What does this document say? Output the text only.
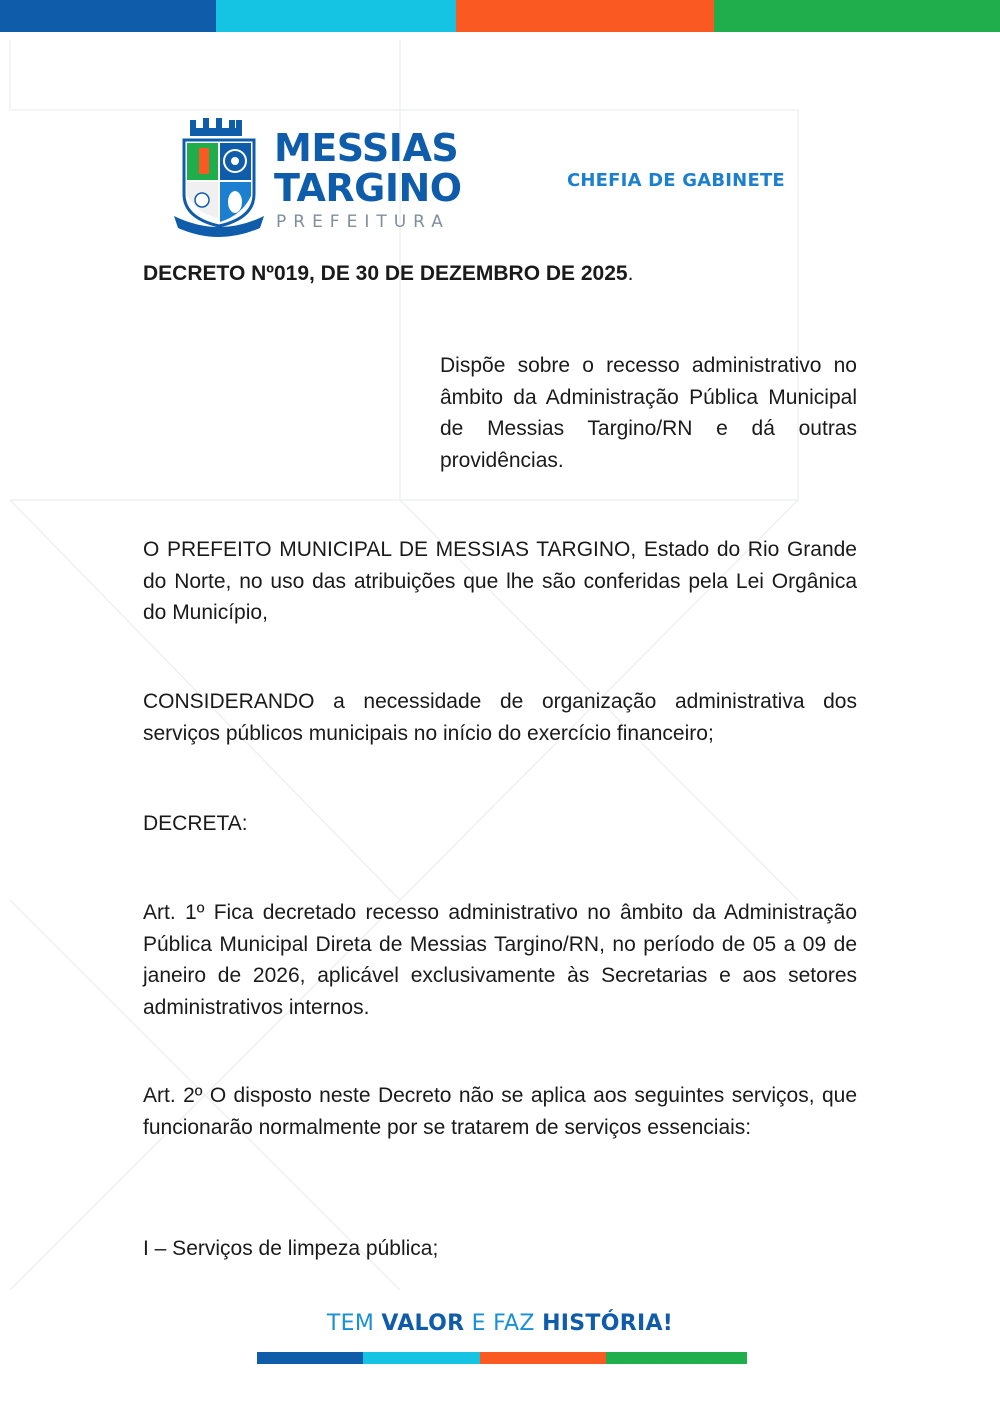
MESSIAS
TARGINO
PREFEITURA
CHEFIA DE GABINETE
DECRETO Nº019, DE 30 DE DEZEMBRO DE 2025.
Dispõe sobre o recesso administrativo no âmbito da Administração Pública Municipal de Messias Targino/RN e dá outras providências.
O PREFEITO MUNICIPAL DE MESSIAS TARGINO, Estado do Rio Grande do Norte, no uso das atribuições que lhe são conferidas pela Lei Orgânica do Município,
CONSIDERANDO a necessidade de organização administrativa dos serviços públicos municipais no início do exercício financeiro;
DECRETA:
Art. 1º Fica decretado recesso administrativo no âmbito da Administração Pública Municipal Direta de Messias Targino/RN, no período de 05 a 09 de janeiro de 2026, aplicável exclusivamente às Secretarias e aos setores administrativos internos.
Art. 2º O disposto neste Decreto não se aplica aos seguintes serviços, que funcionarão normalmente por se tratarem de serviços essenciais:
I – Serviços de limpeza pública;
TEM VALOR E FAZ HISTÓRIA!
